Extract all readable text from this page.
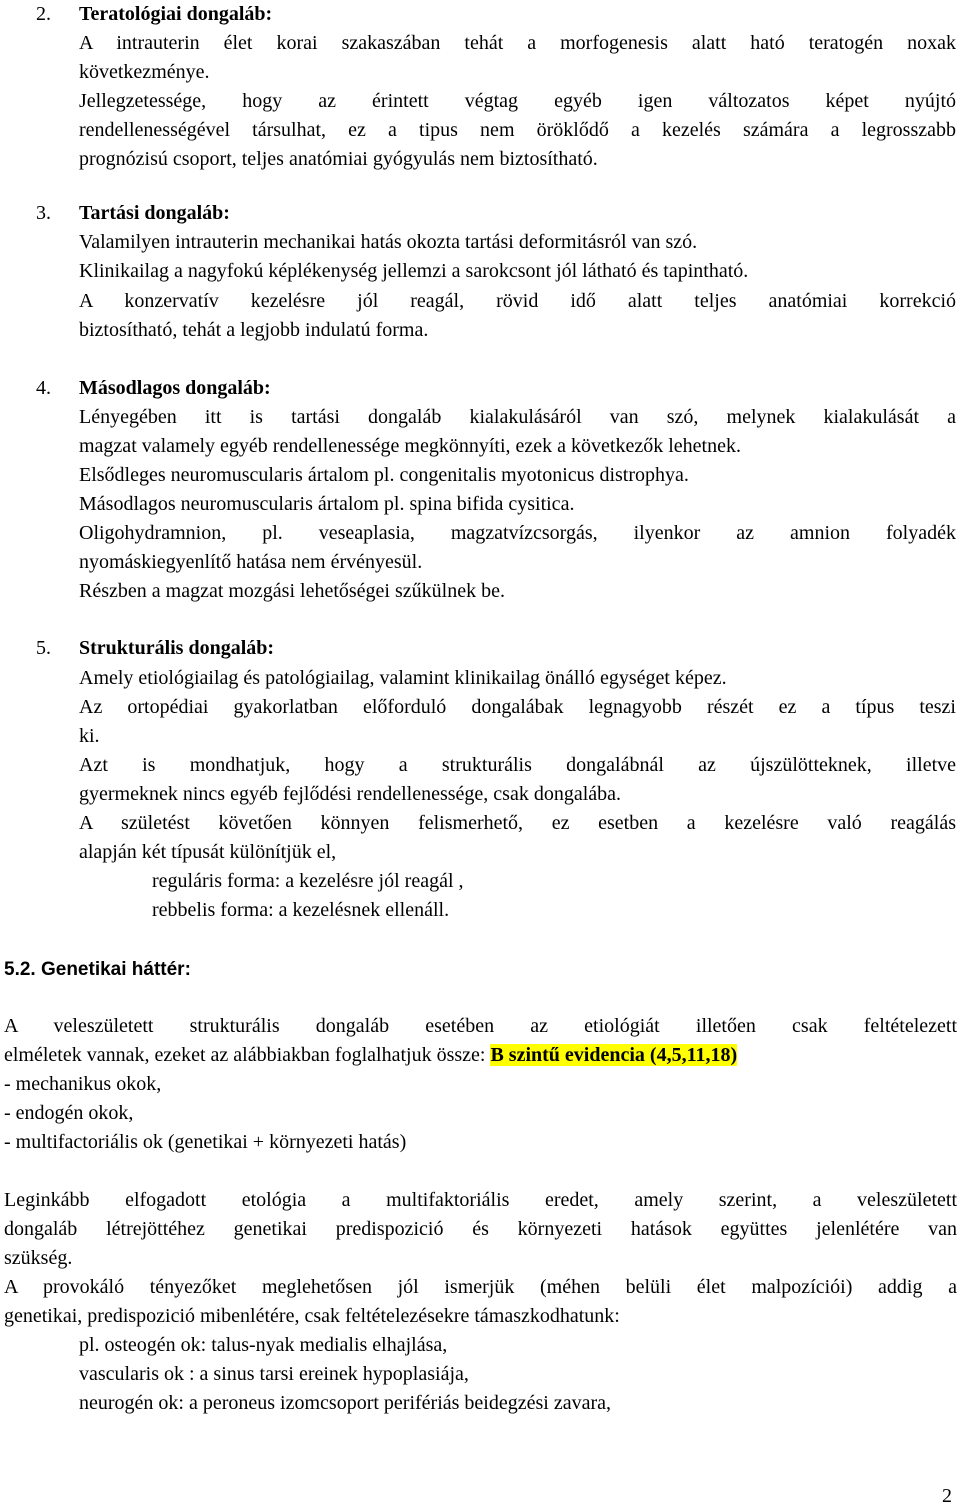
2. Teratológiai dongaláb:
A intrauterin élet korai szakaszában tehát a morfogenesis alatt ható teratogén noxak
következménye.
Jellegzetessége, hogy az érintett végtag egyéb igen változatos képet nyújtó
rendellenességével társulhat, ez a tipus nem öröklődő a kezelés számára a legrosszabb
prognózisú csoport, teljes anatómiai gyógyulás nem biztosítható.
3. Tartási dongaláb:
Valamilyen intrauterin mechanikai hatás okozta tartási deformitásról van szó.
Klinikailag a nagyfokú képlékenység jellemzi a sarokcsont jól látható és tapintható.
A konzervatív kezelésre jól reagál, rövid idő alatt teljes anatómiai korrekció
biztosítható, tehát a legjobb indulatú forma.
4. Másodlagos dongaláb:
Lényegében itt is tartási dongaláb kialakulásáról van szó, melynek kialakulását a
magzat valamely egyéb rendellenessége megkönnyíti, ezek a következők lehetnek.
Elsődleges neuromuscularis ártalom pl. congenitalis myotonicus distrophya.
Másodlagos neuromuscularis ártalom pl. spina bifida cysitica.
Oligohydramnion, pl. veseaplasia, magzatvízcsorgás, ilyenkor az amnion folyadék
nyomáskiegyenlítő hatása nem érvényesül.
Részben a magzat mozgási lehetőségei szűkülnek be.
5. Strukturális dongaláb:
Amely etiológiailag és patológiailag, valamint klinikailag önálló egységet képez.
Az ortopédiai gyakorlatban előforduló dongalábak legnagyobb részét ez a típus teszi
ki.
Azt is mondhatjuk, hogy a strukturális dongalábnál az újszülötteknek, illetve
gyermeknek nincs egyéb fejlődési rendellenessége, csak dongalába.
A születést követően könnyen felismerhető, ez esetben a kezelésre való reagálás
alapján két típusát különítjük el,
reguláris forma: a kezelésre jól reagál ,
rebbelis forma: a kezelésnek ellenáll.
5.2. Genetikai háttér:
A veleszületett strukturális dongaláb esetében az etiológiát illetően csak feltételezett
elméletek vannak, ezeket az alábbiakban foglalhatjuk össze: B szintű evidencia (4,5,11,18)
- mechanikus okok,
- endogén okok,
- multifactoriális ok (genetikai + környezeti hatás)
Leginkább elfogadott etológia a multifaktoriális eredet, amely szerint, a veleszületett
dongaláb létrejöttéhez genetikai predispozició és környezeti hatások együttes jelenlétére van
szükség.
A provokáló tényezőket meglehetősen jól ismerjük (méhen belüli élet malpozíciói) addig a
genetikai, predispozició mibenlétére, csak feltételezésekre támaszkodhatunk:
pl. osteogén ok: talus-nyak medialis elhajlása,
vascularis ok : a sinus tarsi ereinek hypoplasiája,
neurogén ok: a peroneus izomcsoport perifériás beidegzési zavara,
2
